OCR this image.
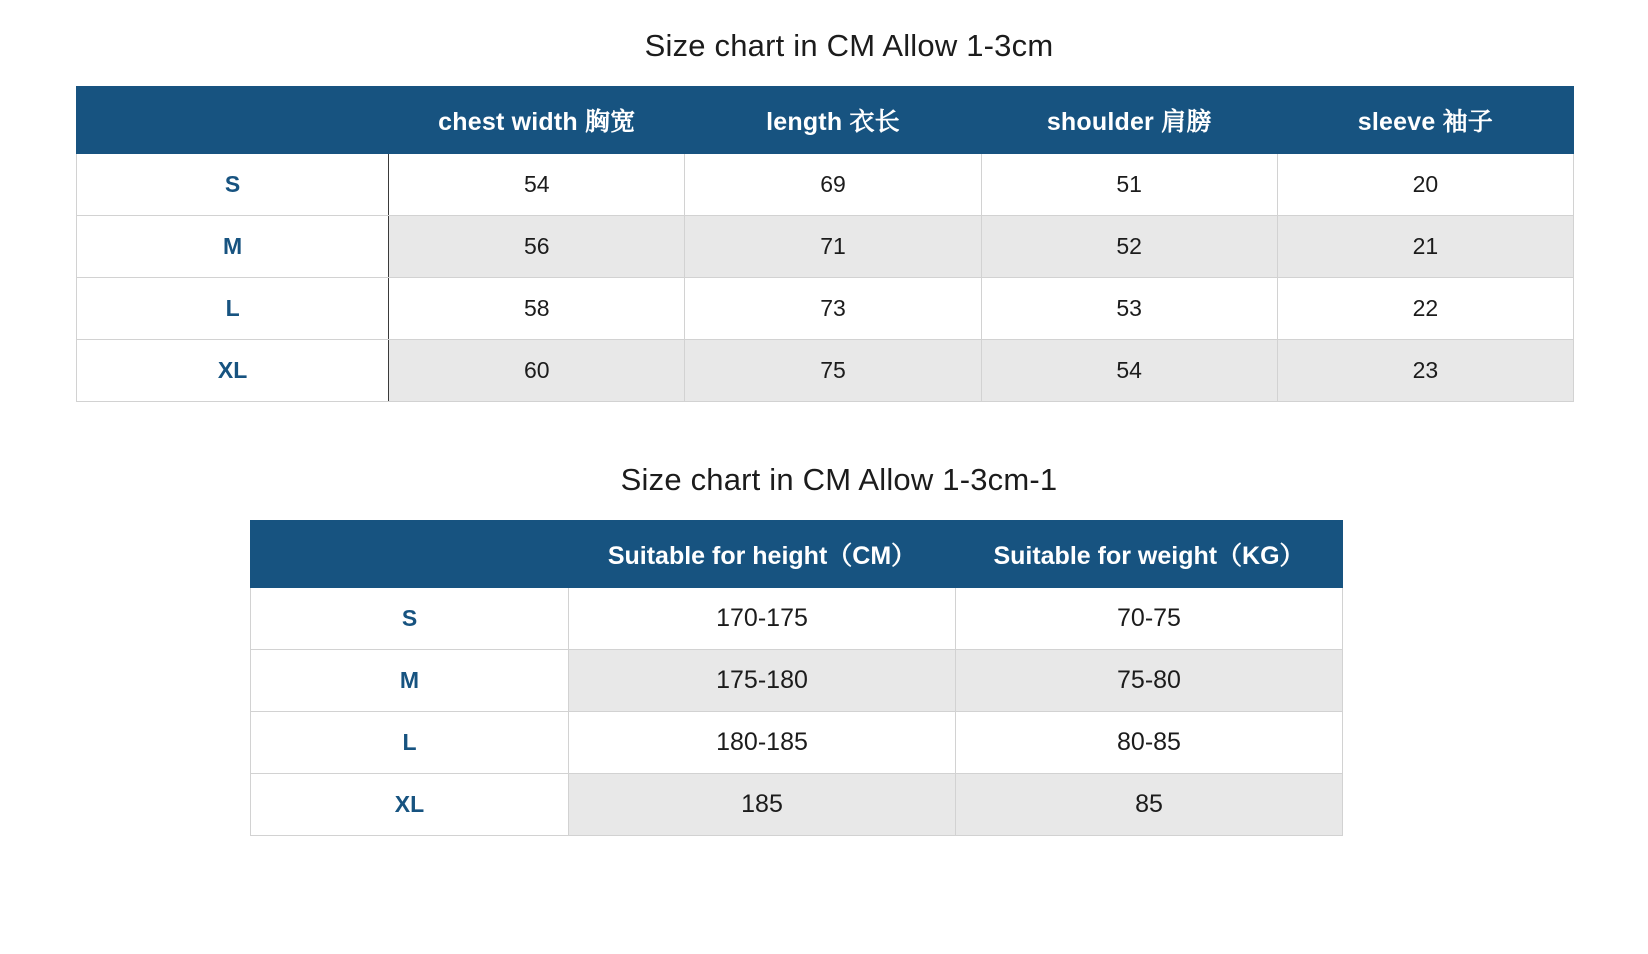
Size chart in CM Allow 1-3cm
	chest width 胸宽	length 衣长	shoulder 肩膀	sleeve 袖子
S	54	69	51	20
M	56	71	52	21
L	58	73	53	22
XL	60	75	54	23
Size chart in CM Allow 1-3cm-1
	Suitable for height（CM）	Suitable for weight（KG）
S	170-175	70-75
M	175-180	75-80
L	180-185	80-85
XL	185	85
